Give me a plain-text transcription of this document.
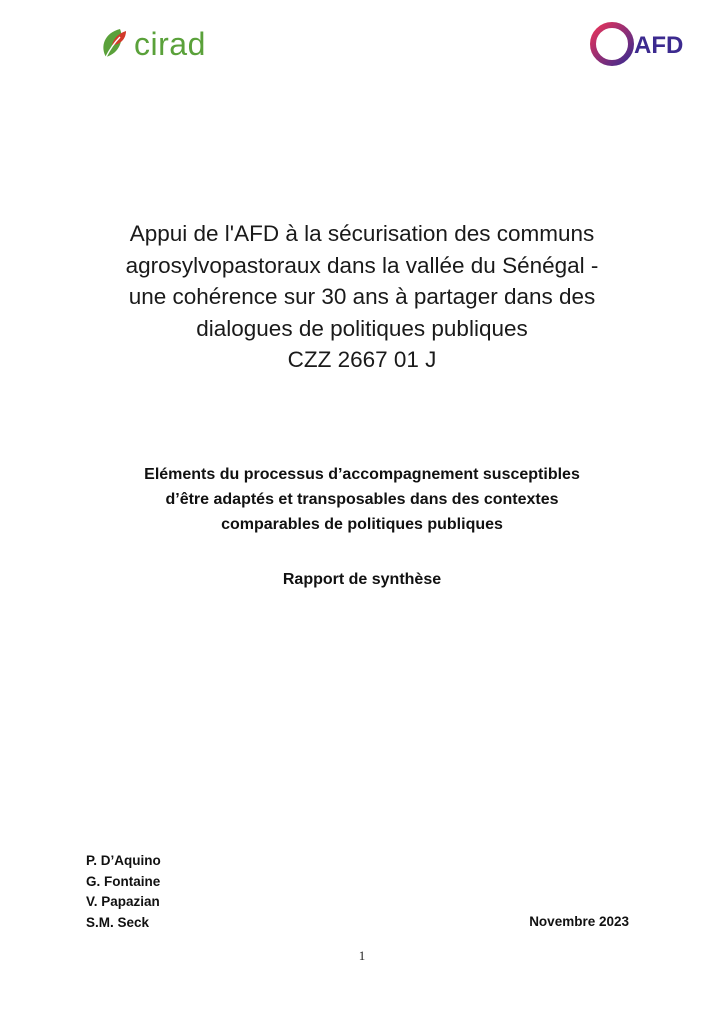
cirad	AFD
Appui de l'AFD à la sécurisation des communs
agrosylvopastoraux dans la vallée du Sénégal -
une cohérence sur 30 ans à partager dans des
dialogues de politiques publiques
CZZ 2667 01 J
Eléments du processus d’accompagnement susceptibles
d’être adaptés et transposables dans des contextes
comparables de politiques publiques
Rapport de synthèse
P. D’Aquino
G. Fontaine
V. Papazian
S.M. Seck	Novembre 2023
1
